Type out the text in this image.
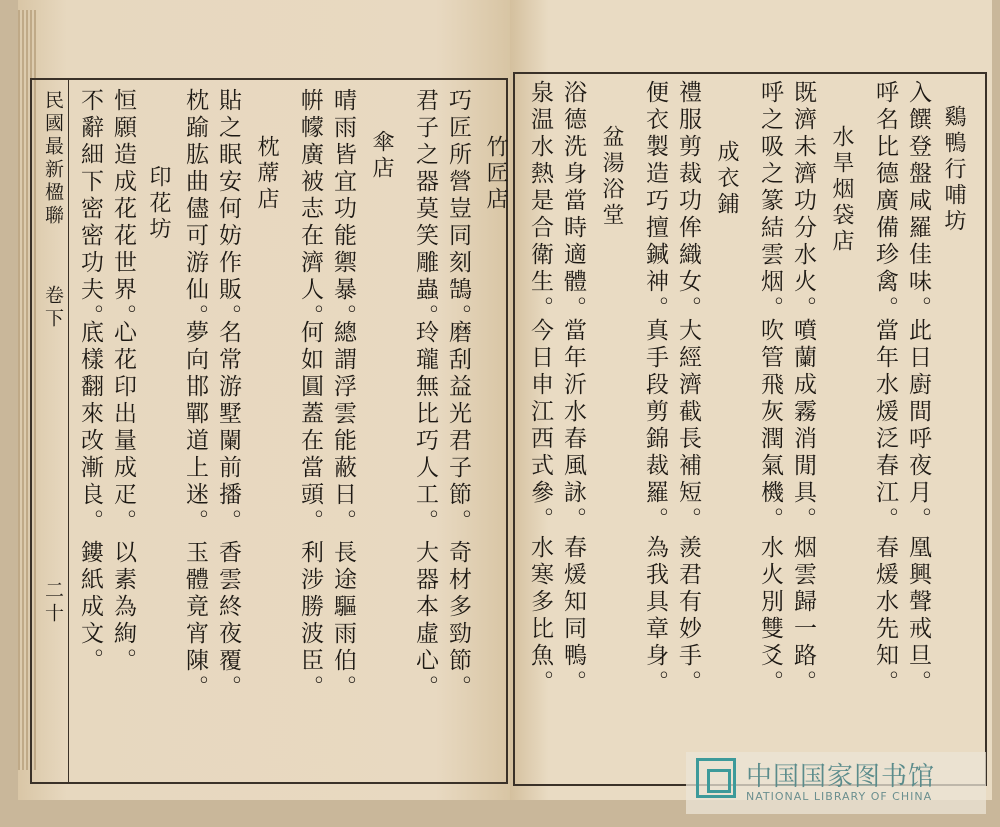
民國最新楹聯
卷下
二十
鷄鴨行哺坊
入饌登盤咸羅佳味。
呼名比德廣備珍禽。
水旱烟袋店
既濟未濟功分水火。
呼之吸之篆結雲烟。
成衣鋪
禮服剪裁功侔織女。
便衣製造巧擅鍼神。
盆湯浴堂
浴德洗身當時適體。
泉温水熱是合衛生。
此日廚間呼夜月。
當年水煖泛春江。
噴蘭成霧消閒具。
吹管飛灰潤氣機。
大經濟截長補短。
真手段剪錦裁羅。
當年沂水春風詠。
今日申江西式參。
凰興聲戒旦。
春煖水先知。
烟雲歸一路。
水火別雙爻。
羨君有妙手。
為我具章身。
春煖知同鴨。
水寒多比魚。
竹匠店
巧匠所營豈同刻鵠。
君子之器莫笑雕蟲。
傘店
晴雨皆宜功能禦暴。
帲幪廣被志在濟人。
枕蓆店
貼之眠安何妨作販。
枕踰肱曲儘可游仙。
印花坊
恒願造成花花世界。
不辭細下密密功夫。
磨刮益光君子節。
玲瓏無比巧人工。
總謂浮雲能蔽日。
何如圓蓋在當頭。
名常游墅闌前播。
夢向邯鄲道上迷。
心花印出量成疋。
底樣翻來改漸良。
奇材多勁節。
大器本虛心。
長途驅雨伯。
利涉勝波臣。
香雲終夜覆。
玉體竟宵陳。
以素為絢。
鏤紙成文。
中国国家图书馆
NATIONAL LIBRARY OF CHINA
